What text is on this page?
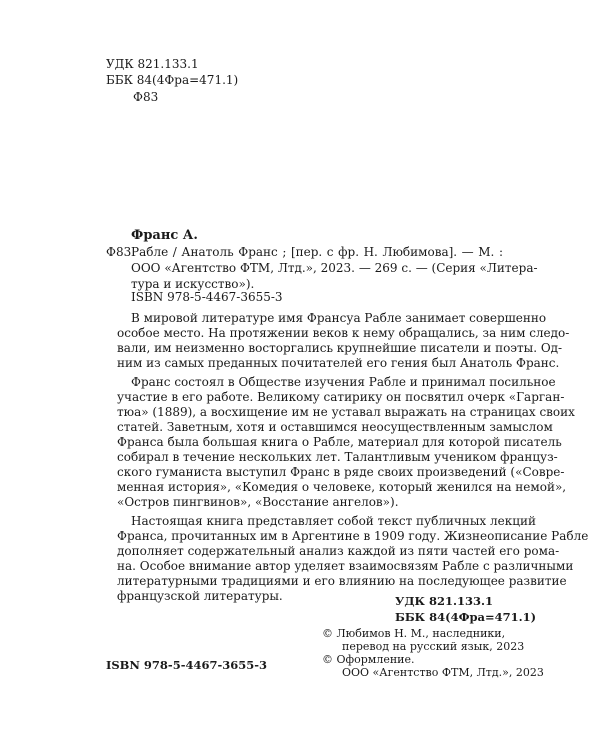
УДК 821.133.1
ББК 84(4Фра=471.1)
Ф83
Франс А.
Ф83 Рабле / Анатоль Франс ; [пер. с фр. Н. Любимова]. — М. :
ООО «Агентство ФТМ, Лтд.», 2023. — 269 с. — (Серия «Литера-
тура и искусство»).
ISBN 978-5-4467-3655-3

В мировой литературе имя Франсуа Рабле занимает совершенно
особое место. На протяжении веков к нему обращались, за ним следо-
вали, им неизменно восторгались крупнейшие писатели и поэты. Од-
ним из самых преданных почитателей его гения был Анатоль Франс.

Франс состоял в Обществе изучения Рабле и принимал посильное
участие в его работе. Великому сатирику он посвятил очерк «Гарган-
тюа» (1889), а восхищение им не уставал выражать на страницах своих
статей. Заветным, хотя и оставшимся неосуществленным замыслом
Франса была большая книга о Рабле, материал для которой писатель
собирал в течение нескольких лет. Талантливым учеником француз-
ского гуманиста выступил Франс в ряде своих произведений («Совре-
менная история», «Комедия о человеке, который женился на немой»,
«Остров пингвинов», «Восстание ангелов»).

Настоящая книга представляет собой текст публичных лекций
Франса, прочитанных им в Аргентине в 1909 году. Жизнеописание Рабле
дополняет содержательный анализ каждой из пяти частей его рома-
на. Особое внимание автор уделяет взаимосвязям Рабле с различными
литературными традициями и его влиянию на последующее развитие
французской литературы.	УДК 821.133.1
ББК 84(4Фра=471.1)
© Любимов Н. М., наследники,
перевод на русский язык, 2023
© Оформление.
ООО «Агентство ФТМ, Лтд.», 2023
ISBN 978-5-4467-3655-3
